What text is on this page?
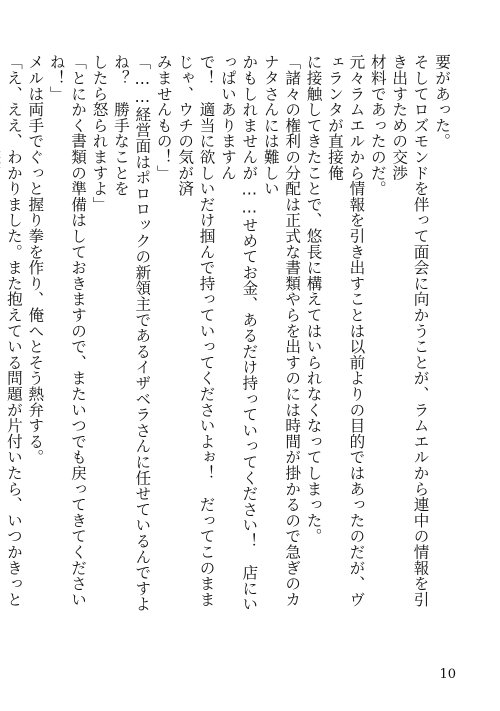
要があった。
そしてロズモンドを伴って面会に向かうことが、ラムエルから連中の情報を引き出すための交渉
材料であったのだ。
元々ラムエルから情報を引き出すことは以前よりの目的ではあったのだが、ヴェランタが直接俺
に接触してきたことで、悠長に構えてはいられなくなってしまった。
「諸々の権利の分配は正式な書類やらを出すのには時間が掛かるので急ぎのカナタさんには難しい
かもしれませんが……せめてお金、あるだけ持っていってください！　店にいっぱいありますん
で！　適当に欲しいだけ掴んで持っていってくださいよぉ！　だってこのままじゃ、ウチの気が済
みませんもの！」
「……経営面はポロロックの新領主であるイザベラさんに任せているんですよね？　勝手なことを
したら怒られますよ」
「とにかく書類の準備はしておきますので、またいつでも戻ってきてくださいね！」
メルは両手でぐっと握り拳を作り、俺へとそう熱弁する。
「え、ええ、わかりました。また抱えている問題が片付いたら、いつかきっと
10
